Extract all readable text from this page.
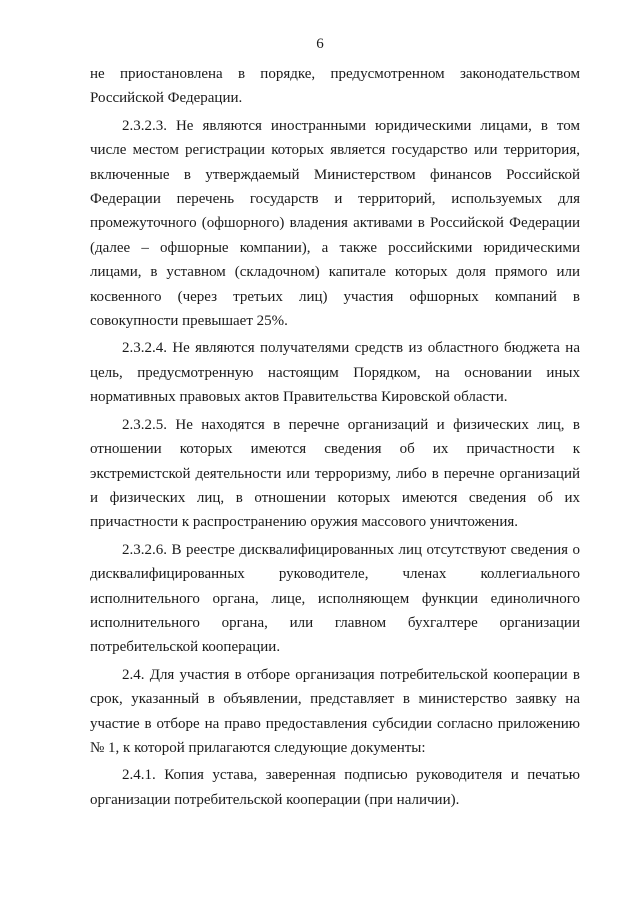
6

не приостановлена в порядке, предусмотренном законодательством Российской Федерации.

2.3.2.3. Не являются иностранными юридическими лицами, в том числе местом регистрации которых является государство или территория, включенные в утверждаемый Министерством финансов Российской Федерации перечень государств и территорий, используемых для промежуточного (офшорного) владения активами в Российской Федерации (далее – офшорные компании), а также российскими юридическими лицами, в уставном (складочном) капитале которых доля прямого или косвенного (через третьих лиц) участия офшорных компаний в совокупности превышает 25%.

2.3.2.4. Не являются получателями средств из областного бюджета на цель, предусмотренную настоящим Порядком, на основании иных нормативных правовых актов Правительства Кировской области.

2.3.2.5. Не находятся в перечне организаций и физических лиц, в отношении которых имеются сведения об их причастности к экстремистской деятельности или терроризму, либо в перечне организаций и физических лиц, в отношении которых имеются сведения об их причастности к распространению оружия массового уничтожения.

2.3.2.6. В реестре дисквалифицированных лиц отсутствуют сведения о дисквалифицированных руководителе, членах коллегиального исполнительного органа, лице, исполняющем функции единоличного исполнительного органа, или главном бухгалтере организации потребительской кооперации.

2.4. Для участия в отборе организация потребительской кооперации в срок, указанный в объявлении, представляет в министерство заявку на участие в отборе на право предоставления субсидии согласно приложению № 1, к которой прилагаются следующие документы:

2.4.1. Копия устава, заверенная подписью руководителя и печатью организации потребительской кооперации (при наличии).
